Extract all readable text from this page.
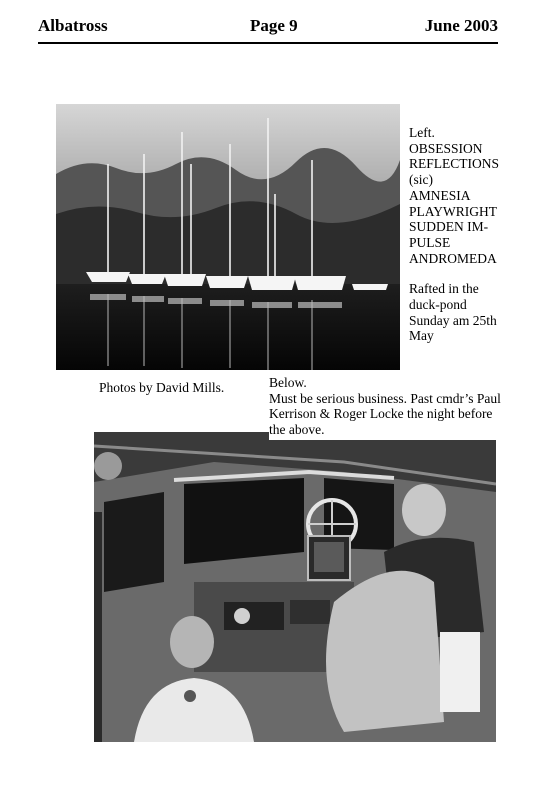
Albatross	Page 9	June 2003
Left.
OBSESSION
REFLECTIONS
(sic)
AMNESIA
PLAYWRIGHT
SUDDEN IM-
PULSE
ANDROMEDA
Rafted in the duck-pond Sunday am 25th May
Photos by David Mills.	Below.
Must be serious business. Past cmdr’s Paul
Kerrison & Roger Locke the night before
the above.
